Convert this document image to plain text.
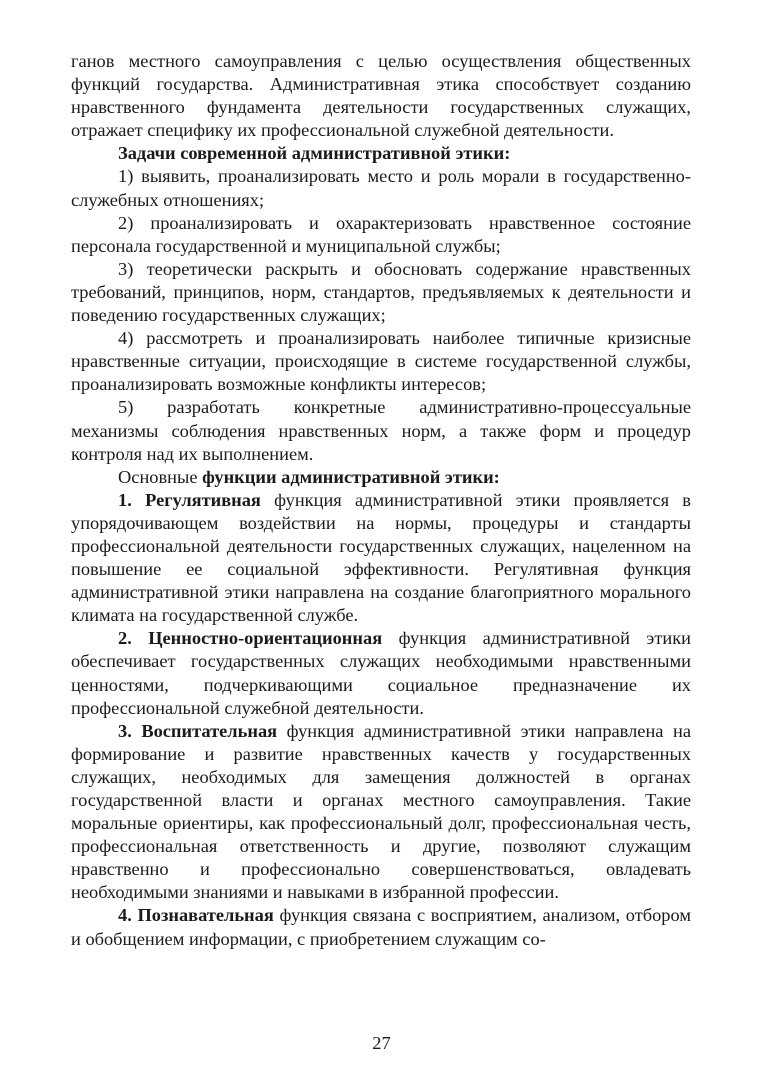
ганов местного самоуправления с целью осуществления общественных функций государства. Административная этика способствует созданию нравственного фундамента деятельности государственных служащих, отражает специфику их профессиональной служебной деятельности.

Задачи современной административной этики:

1) выявить, проанализировать место и роль морали в государственно-служебных отношениях;

2) проанализировать и охарактеризовать нравственное состояние персонала государственной и муниципальной службы;

3) теоретически раскрыть и обосновать содержание нравственных требований, принципов, норм, стандартов, предъявляемых к деятельности и поведению государственных служащих;

4) рассмотреть и проанализировать наиболее типичные кризисные нравственные ситуации, происходящие в системе государственной службы, проанализировать возможные конфликты интересов;

5) разработать конкретные административно-процессуальные механизмы соблюдения нравственных норм, а также форм и процедур контроля над их выполнением.

Основные функции административной этики:

1. Регулятивная функция административной этики проявляется в упорядочивающем воздействии на нормы, процедуры и стандарты профессиональной деятельности государственных служащих, нацеленном на повышение ее социальной эффективности. Регулятивная функция административной этики направлена на создание благоприятного морального климата на государственной службе.

2. Ценностно-ориентационная функция административной этики обеспечивает государственных служащих необходимыми нравственными ценностями, подчеркивающими социальное предназначение их профессиональной служебной деятельности.

3. Воспитательная функция административной этики направлена на формирование и развитие нравственных качеств у государственных служащих, необходимых для замещения должностей в органах государственной власти и органах местного самоуправления. Такие моральные ориентиры, как профессиональный долг, профессиональная честь, профессиональная ответственность и другие, позволяют служащим нравственно и профессионально совершенствоваться, овладевать необходимыми знаниями и навыками в избранной профессии.

4. Познавательная функция связана с восприятием, анализом, отбором и обобщением информации, с приобретением служащим со-

27
